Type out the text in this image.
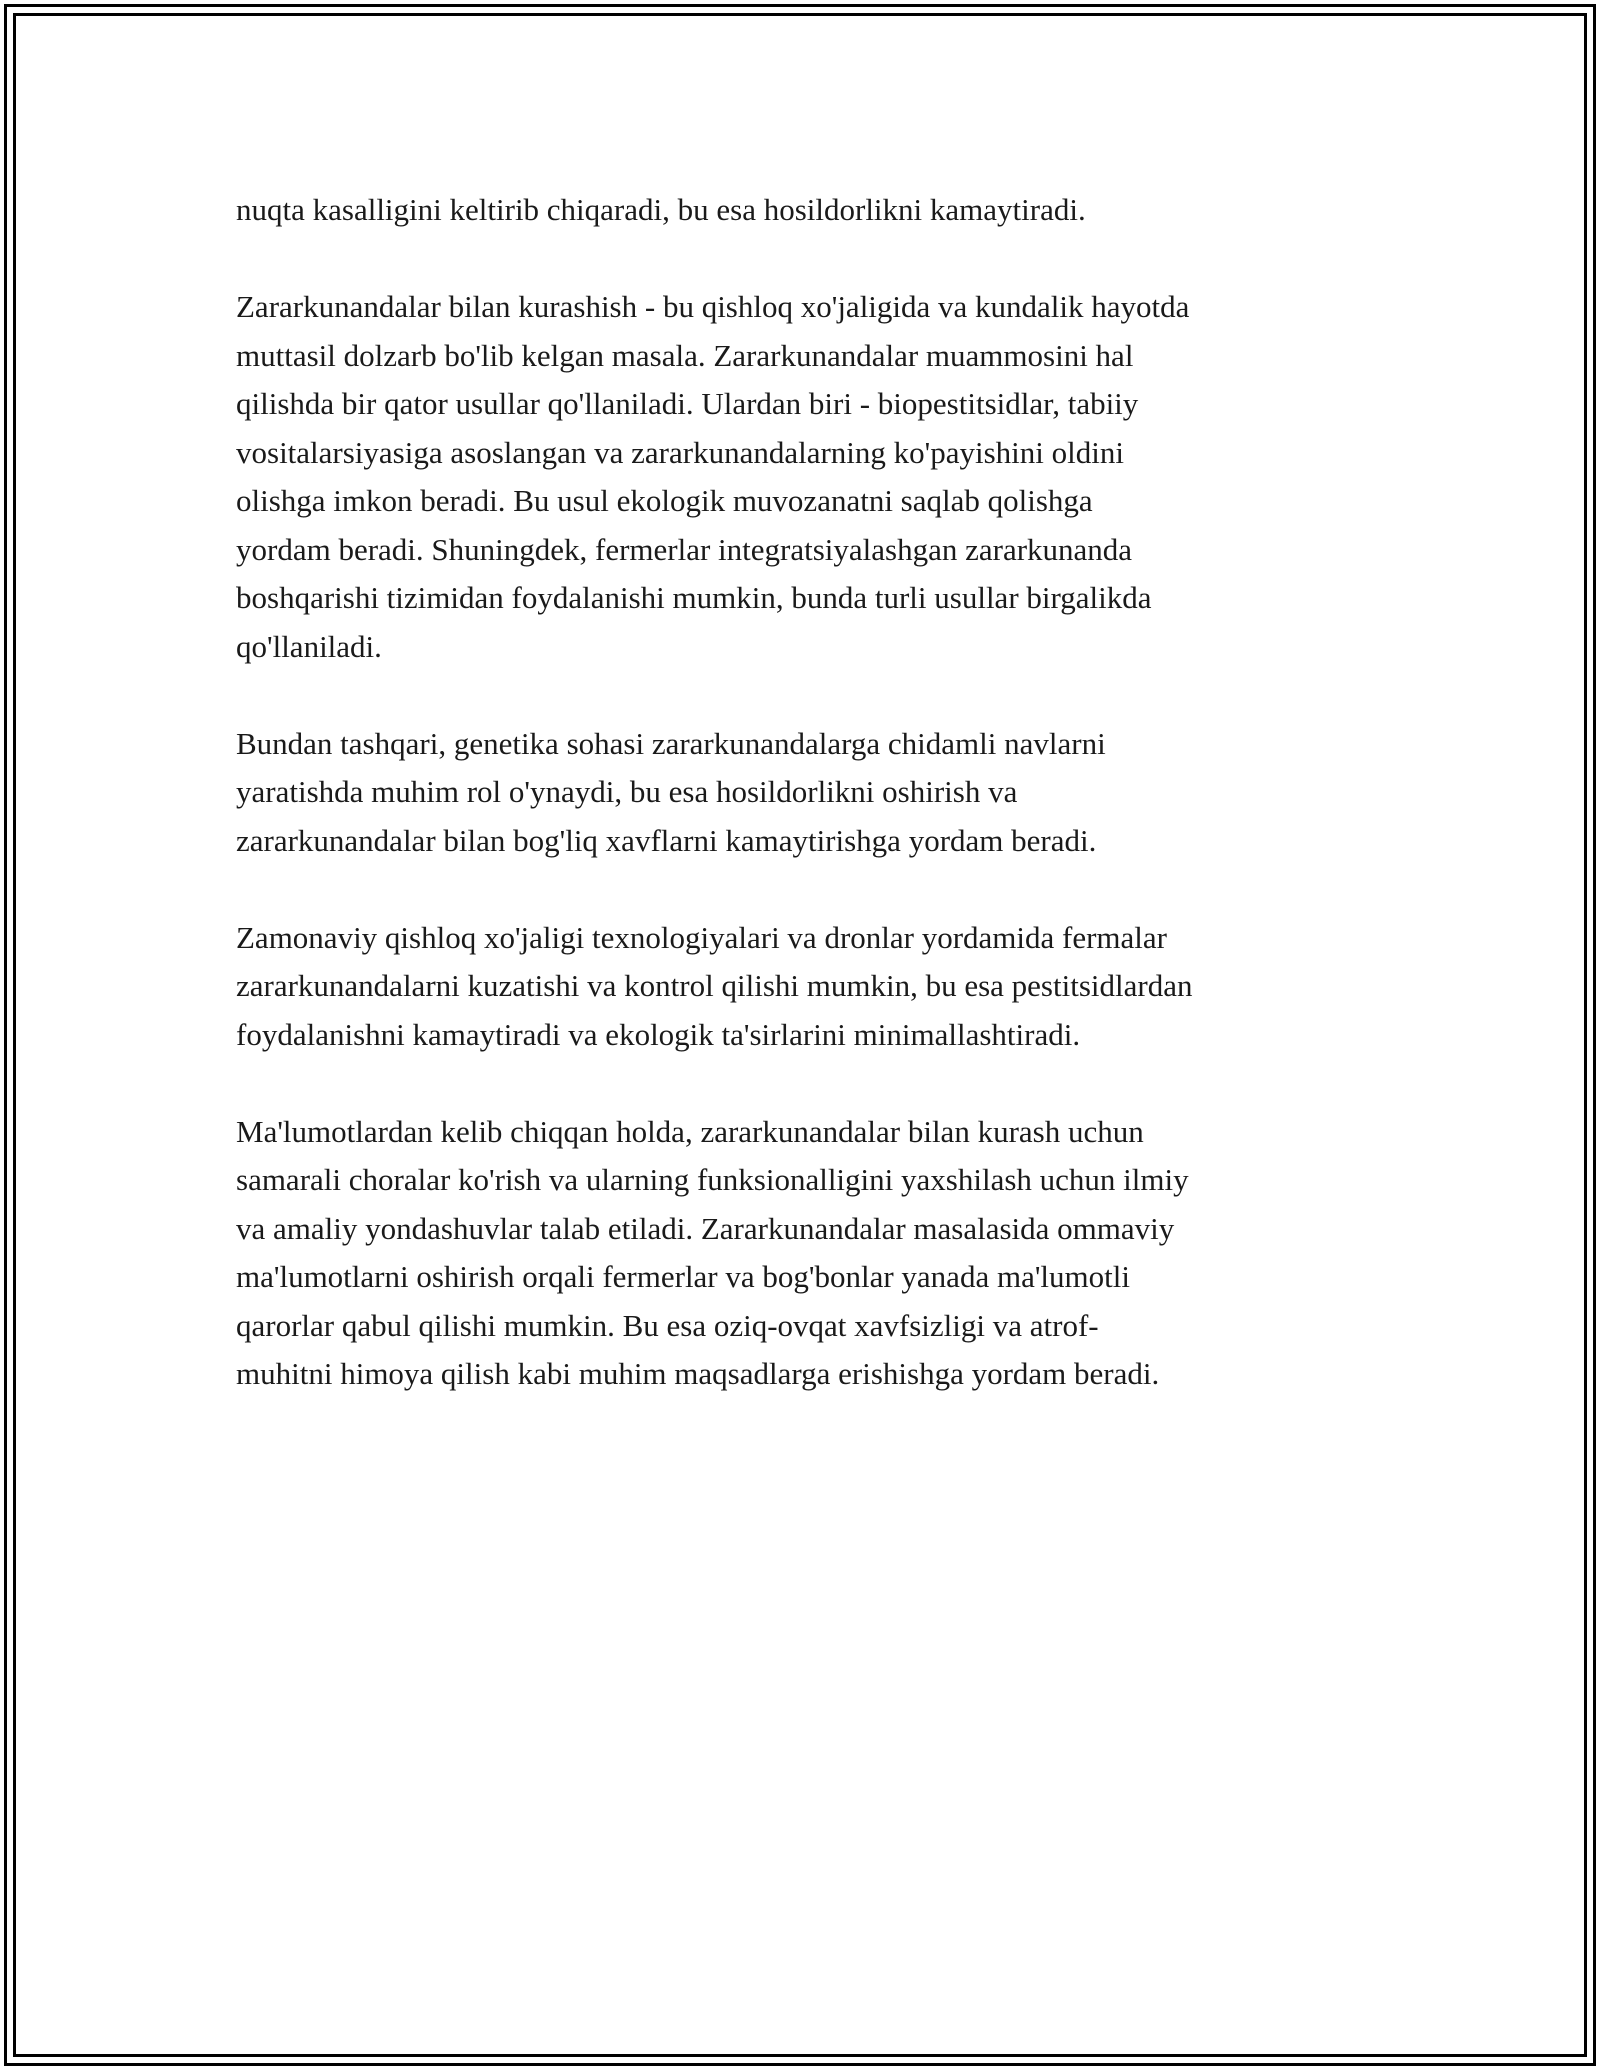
nuqta kasalligini keltirib chiqaradi, bu esa hosildorlikni kamaytiradi.

Zararkunandalar bilan kurashish - bu qishloq xo'jaligida va kundalik hayotda
muttasil dolzarb bo'lib kelgan masala. Zararkunandalar muammosini hal
qilishda bir qator usullar qo'llaniladi. Ulardan biri - biopestitsidlar, tabiiy
vositalarsiyasiga asoslangan va zararkunandalarning ko'payishini oldini
olishga imkon beradi. Bu usul ekologik muvozanatni saqlab qolishga
yordam beradi. Shuningdek, fermerlar integratsiyalashgan zararkunanda
boshqarishi tizimidan foydalanishi mumkin, bunda turli usullar birgalikda
qo'llaniladi.

Bundan tashqari, genetika sohasi zararkunandalarga chidamli navlarni
yaratishda muhim rol o'ynaydi, bu esa hosildorlikni oshirish va
zararkunandalar bilan bog'liq xavflarni kamaytirishga yordam beradi.

Zamonaviy qishloq xo'jaligi texnologiyalari va dronlar yordamida fermalar
zararkunandalarni kuzatishi va kontrol qilishi mumkin, bu esa pestitsidlardan
foydalanishni kamaytiradi va ekologik ta'sirlarini minimallashtiradi.

Ma'lumotlardan kelib chiqqan holda, zararkunandalar bilan kurash uchun
samarali choralar ko'rish va ularning funksionalligini yaxshilash uchun ilmiy
va amaliy yondashuvlar talab etiladi. Zararkunandalar masalasida ommaviy
ma'lumotlarni oshirish orqali fermerlar va bog'bonlar yanada ma'lumotli
qarorlar qabul qilishi mumkin. Bu esa oziq-ovqat xavfsizligi va atrof-
muhitni himoya qilish kabi muhim maqsadlarga erishishga yordam beradi.
